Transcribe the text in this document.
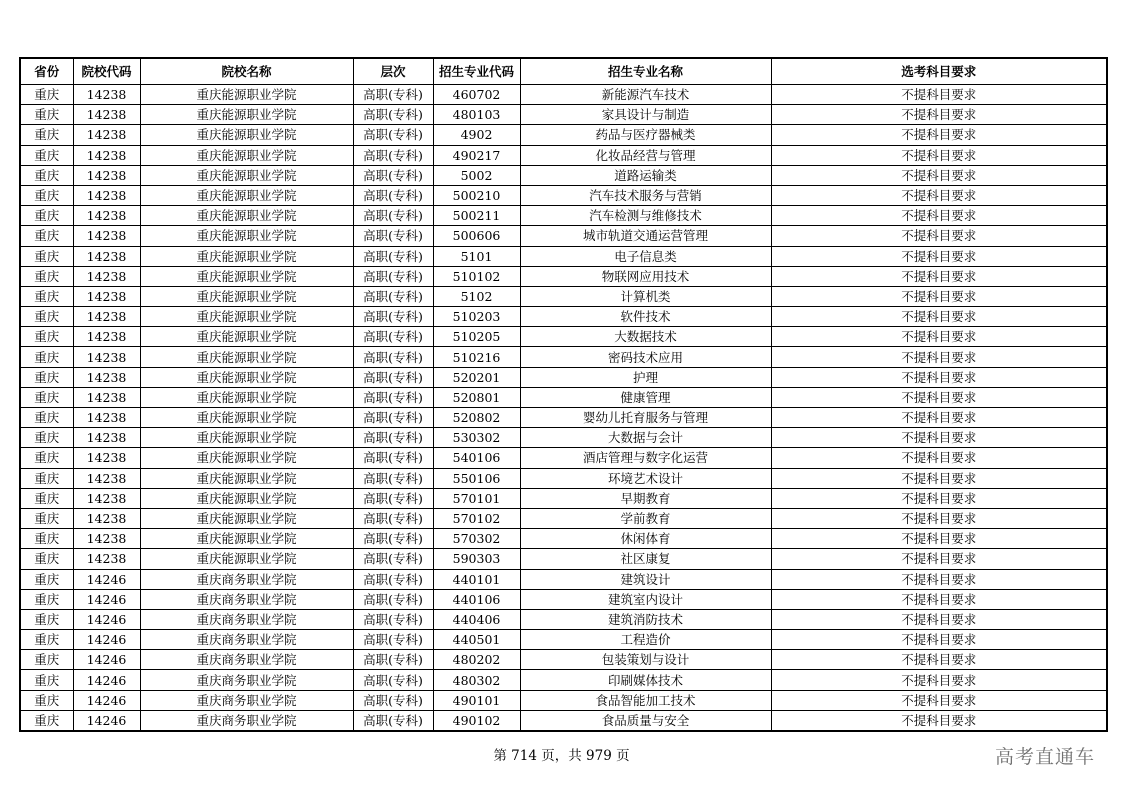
省份	院校代码	院校名称	层次	招生专业代码	招生专业名称	选考科目要求
重庆	14238	重庆能源职业学院	高职(专科)	460702	新能源汽车技术	不提科目要求
重庆	14238	重庆能源职业学院	高职(专科)	480103	家具设计与制造	不提科目要求
重庆	14238	重庆能源职业学院	高职(专科)	4902	药品与医疗器械类	不提科目要求
重庆	14238	重庆能源职业学院	高职(专科)	490217	化妆品经营与管理	不提科目要求
重庆	14238	重庆能源职业学院	高职(专科)	5002	道路运输类	不提科目要求
重庆	14238	重庆能源职业学院	高职(专科)	500210	汽车技术服务与营销	不提科目要求
重庆	14238	重庆能源职业学院	高职(专科)	500211	汽车检测与维修技术	不提科目要求
重庆	14238	重庆能源职业学院	高职(专科)	500606	城市轨道交通运营管理	不提科目要求
重庆	14238	重庆能源职业学院	高职(专科)	5101	电子信息类	不提科目要求
重庆	14238	重庆能源职业学院	高职(专科)	510102	物联网应用技术	不提科目要求
重庆	14238	重庆能源职业学院	高职(专科)	5102	计算机类	不提科目要求
重庆	14238	重庆能源职业学院	高职(专科)	510203	软件技术	不提科目要求
重庆	14238	重庆能源职业学院	高职(专科)	510205	大数据技术	不提科目要求
重庆	14238	重庆能源职业学院	高职(专科)	510216	密码技术应用	不提科目要求
重庆	14238	重庆能源职业学院	高职(专科)	520201	护理	不提科目要求
重庆	14238	重庆能源职业学院	高职(专科)	520801	健康管理	不提科目要求
重庆	14238	重庆能源职业学院	高职(专科)	520802	婴幼儿托育服务与管理	不提科目要求
重庆	14238	重庆能源职业学院	高职(专科)	530302	大数据与会计	不提科目要求
重庆	14238	重庆能源职业学院	高职(专科)	540106	酒店管理与数字化运营	不提科目要求
重庆	14238	重庆能源职业学院	高职(专科)	550106	环境艺术设计	不提科目要求
重庆	14238	重庆能源职业学院	高职(专科)	570101	早期教育	不提科目要求
重庆	14238	重庆能源职业学院	高职(专科)	570102	学前教育	不提科目要求
重庆	14238	重庆能源职业学院	高职(专科)	570302	休闲体育	不提科目要求
重庆	14238	重庆能源职业学院	高职(专科)	590303	社区康复	不提科目要求
重庆	14246	重庆商务职业学院	高职(专科)	440101	建筑设计	不提科目要求
重庆	14246	重庆商务职业学院	高职(专科)	440106	建筑室内设计	不提科目要求
重庆	14246	重庆商务职业学院	高职(专科)	440406	建筑消防技术	不提科目要求
重庆	14246	重庆商务职业学院	高职(专科)	440501	工程造价	不提科目要求
重庆	14246	重庆商务职业学院	高职(专科)	480202	包装策划与设计	不提科目要求
重庆	14246	重庆商务职业学院	高职(专科)	480302	印刷媒体技术	不提科目要求
重庆	14246	重庆商务职业学院	高职(专科)	490101	食品智能加工技术	不提科目要求
重庆	14246	重庆商务职业学院	高职(专科)	490102	食品质量与安全	不提科目要求
第 714 页，共 979 页	高考直通车
